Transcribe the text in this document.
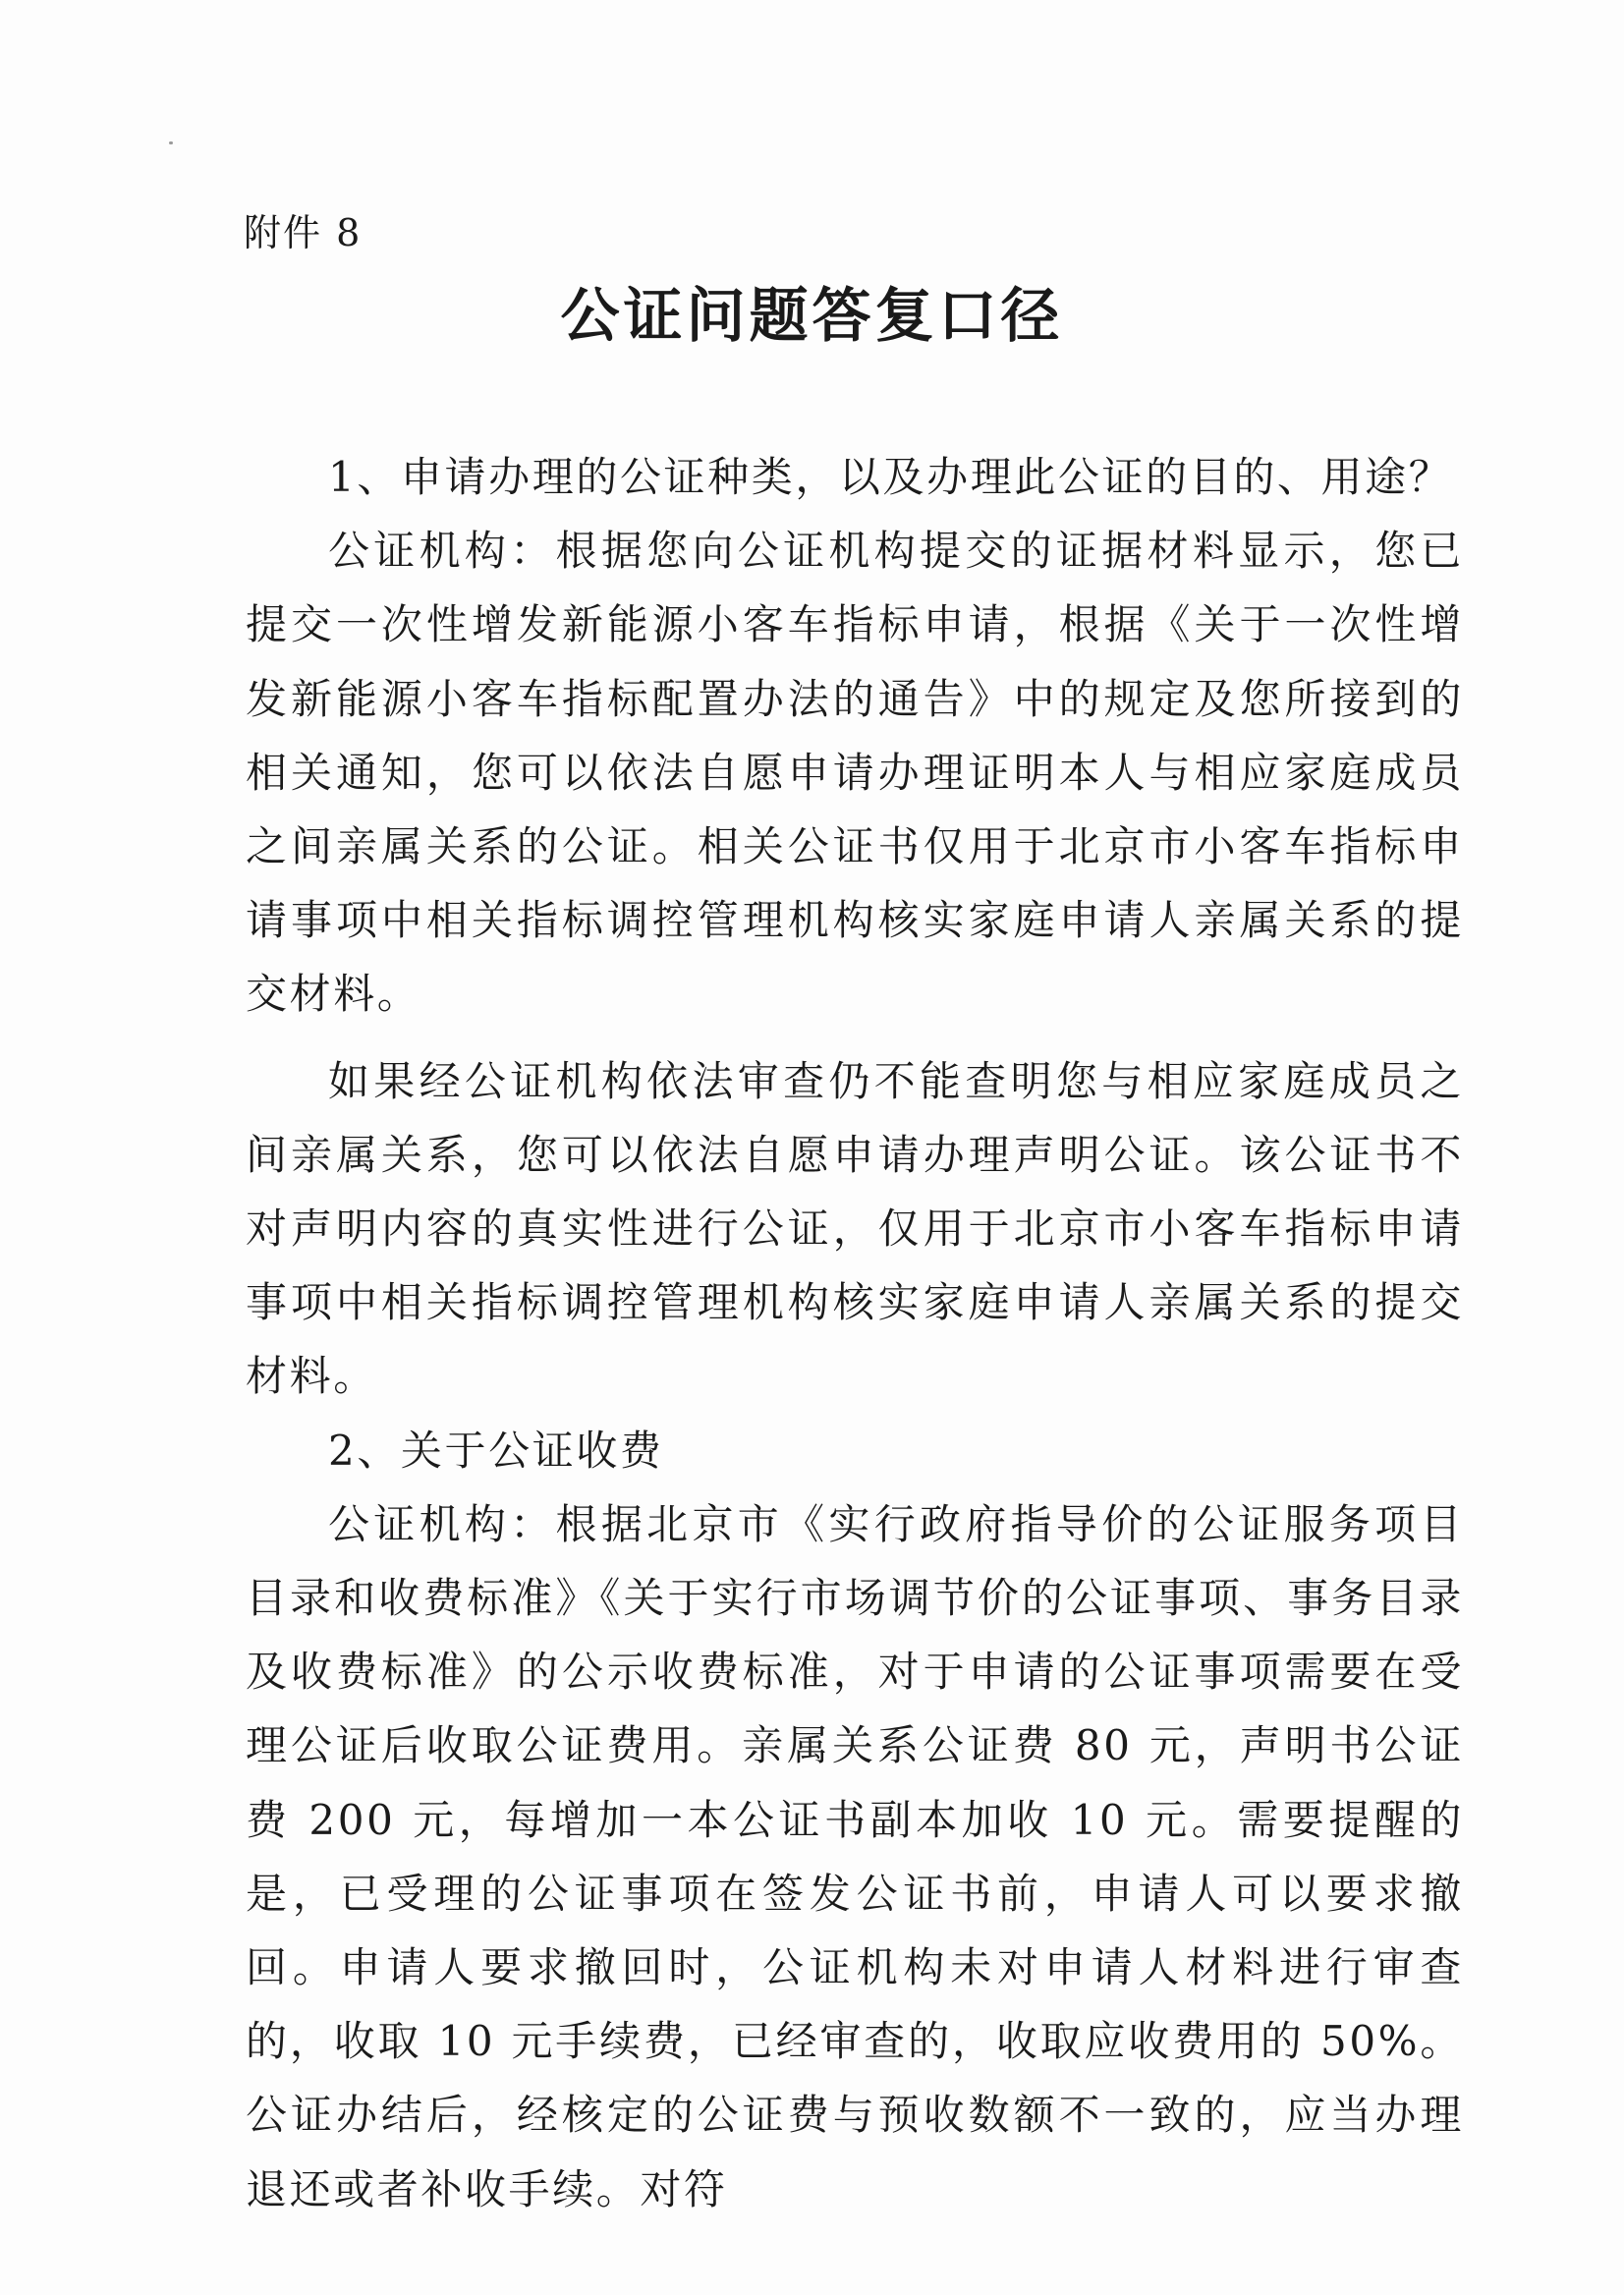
附件 8
公证问题答复口径

1、申请办理的公证种类，以及办理此公证的目的、用途？

公证机构：根据您向公证机构提交的证据材料显示，您已提交一次性增发新能源小客车指标申请，根据《关于一次性增发新能源小客车指标配置办法的通告》中的规定及您所接到的相关通知，您可以依法自愿申请办理证明本人与相应家庭成员之间亲属关系的公证。相关公证书仅用于北京市小客车指标申请事项中相关指标调控管理机构核实家庭申请人亲属关系的提交材料。

如果经公证机构依法审查仍不能查明您与相应家庭成员之间亲属关系，您可以依法自愿申请办理声明公证。该公证书不对声明内容的真实性进行公证，仅用于北京市小客车指标申请事项中相关指标调控管理机构核实家庭申请人亲属关系的提交材料。

2、关于公证收费

公证机构：根据北京市《实行政府指导价的公证服务项目目录和收费标准》《关于实行市场调节价的公证事项、事务目录及收费标准》的公示收费标准，对于申请的公证事项需要在受理公证后收取公证费用。亲属关系公证费 80 元，声明书公证费 200 元，每增加一本公证书副本加收 10 元。需要提醒的是，已受理的公证事项在签发公证书前，申请人可以要求撤回。申请人要求撤回时，公证机构未对申请人材料进行审查的，收取 10 元手续费，已经审查的，收取应收费用的 50%。公证办结后，经核定的公证费与预收数额不一致的，应当办理退还或者补收手续。对符
